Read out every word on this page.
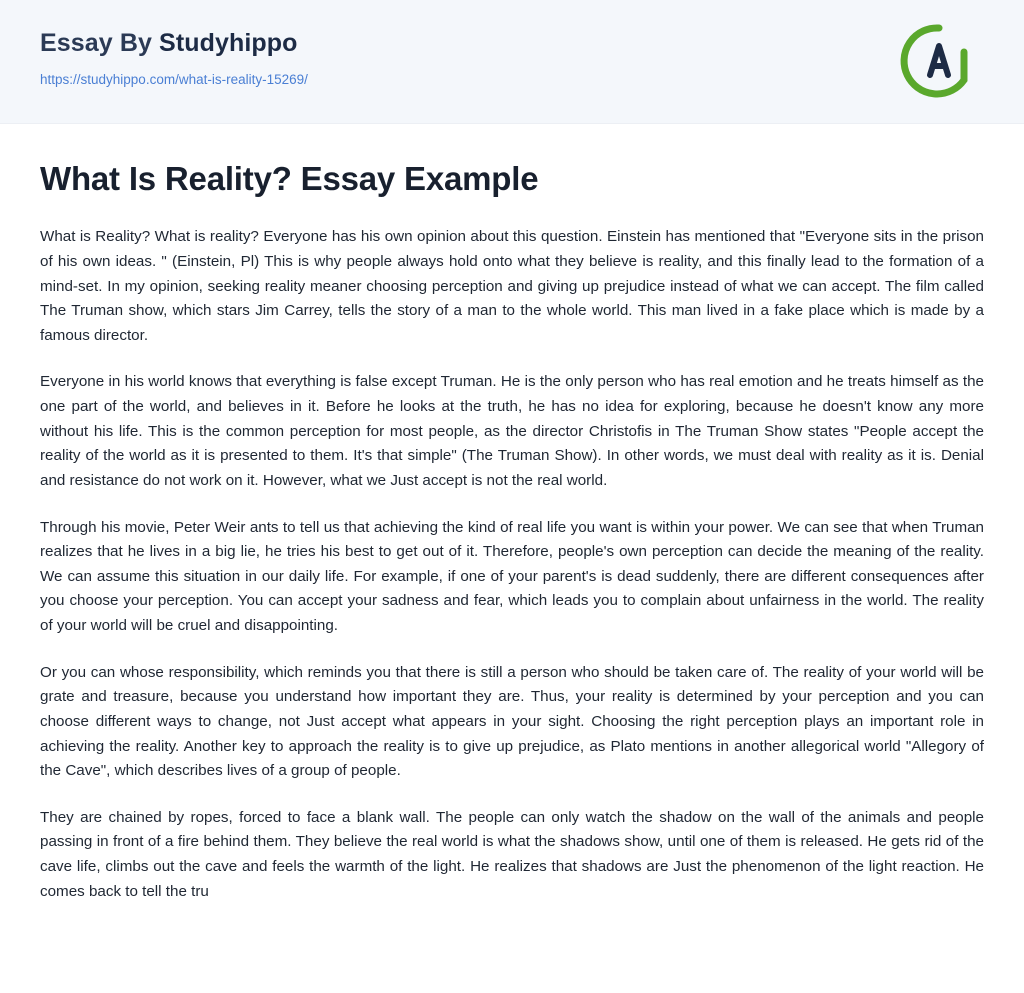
Essay By Studyhippo
https://studyhippo.com/what-is-reality-15269/
What Is Reality? Essay Example

What is Reality? What is reality? Everyone has his own opinion about this question. Einstein has mentioned that "Everyone sits in the prison of his own ideas. " (Einstein, Pl) This is why people always hold onto what they believe is reality, and this finally lead to the formation of a mind-set. In my opinion, seeking reality meaner choosing perception and giving up prejudice instead of what we can accept. The film called The Truman show, which stars Jim Carrey, tells the story of a man to the whole world. This man lived in a fake place which is made by a famous director.

Everyone in his world knows that everything is false except Truman. He is the only person who has real emotion and he treats himself as the one part of the world, and believes in it. Before he looks at the truth, he has no idea for exploring, because he doesn't know any more without his life. This is the common perception for most people, as the director Christofis in The Truman Show states "People accept the reality of the world as it is presented to them. It's that simple" (The Truman Show). In other words, we must deal with reality as it is. Denial and resistance do not work on it. However, what we Just accept is not the real world.

Through his movie, Peter Weir ants to tell us that achieving the kind of real life you want is within your power. We can see that when Truman realizes that he lives in a big lie, he tries his best to get out of it. Therefore, people's own perception can decide the meaning of the reality. We can assume this situation in our daily life. For example, if one of your parent's is dead suddenly, there are different consequences after you choose your perception. You can accept your sadness and fear, which leads you to complain about unfairness in the world. The reality of your world will be cruel and disappointing.

Or you can whose responsibility, which reminds you that there is still a person who should be taken care of. The reality of your world will be grate and treasure, because you understand how important they are. Thus, your reality is determined by your perception and you can choose different ways to change, not Just accept what appears in your sight. Choosing the right perception plays an important role in achieving the reality. Another key to approach the reality is to give up prejudice, as Plato mentions in another allegorical world "Allegory of the Cave", which describes lives of a group of people.

They are chained by ropes, forced to face a blank wall. The people can only watch the shadow on the wall of the animals and people passing in front of a fire behind them. They believe the real world is what the shadows show, until one of them is released. He gets rid of the cave life, climbs out the cave and feels the warmth of the light. He realizes that shadows are Just the phenomenon of the light reaction. He comes back to tell the tru
